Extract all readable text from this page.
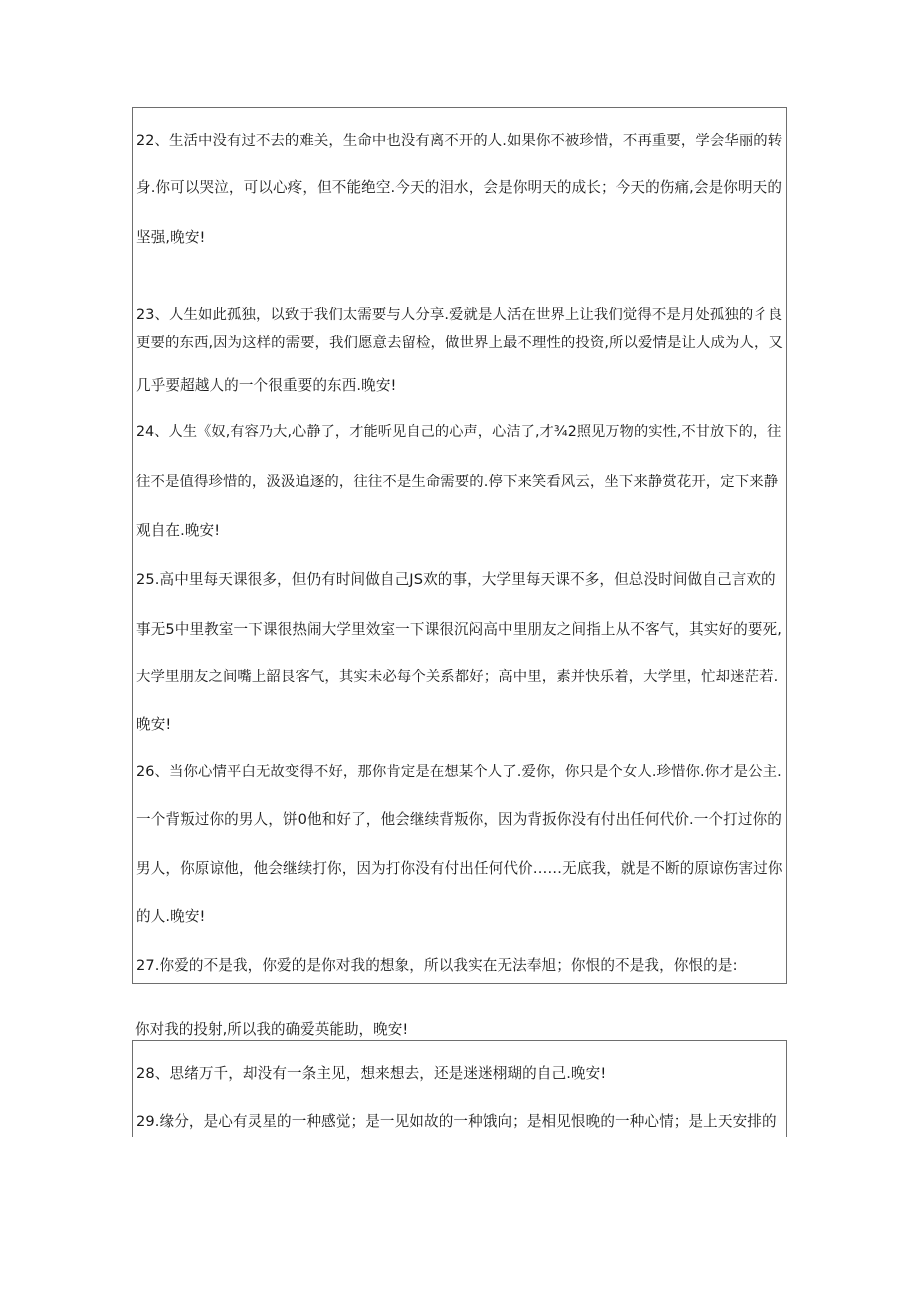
22、生活中没有过不去的难关，生命中也没有离不开的人.如果你不被珍惜，不再重要，学会华丽的转
身.你可以哭泣，可以心疼，但不能绝空.今天的泪水，会是你明天的成长；今天的伤痛,会是你明天的
坚强,晚安!
23、人生如此孤独，以致于我们太需要与人分享.爱就是人活在世界上让我们觉得不是月处孤独的彳良
更要的东西,因为这样的需要，我们愿意去留检，做世界上最不理性的投资,所以爱情是让人成为人，又
几乎要超越人的一个很重要的东西.晚安!
24、人生《奴,有容乃大,心静了，才能听见自己的心声，心洁了,才¾2照见万物的实性,不甘放下的，往
往不是值得珍惜的，汲汲追逐的，往往不是生命需要的.停下来笑看风云，坐下来静赏花开，定下来静
观自在.晚安!
25.高中里每天课很多，但仍有时间做自己JS欢的事，大学里每天课不多，但总没时间做自己言欢的
事无5中里教室一下课很热闹大学里效室一下课很沉闷高中里朋友之间指上从不客气，其实好的要死,
大学里朋友之间嘴上韶艮客气，其实未必每个关系都好；高中里，素并快乐着，大学里，忙却迷茫若.
晚安!
26、当你心情平白无故变得不好，那你肯定是在想某个人了.爱你，你只是个女人.珍惜你.你才是公主.
一个背叛过你的男人，饼0他和好了，他会继续背叛你，因为背扳你没有付出任何代价.一个打过你的
男人，你原谅他，他会继续打你，因为打你没有付出任何代价……无底我，就是不断的原谅伤害过你
的人.晚安!
27.你爱的不是我，你爱的是你对我的想象，所以我实在无法奉旭；你恨的不是我，你恨的是:
你对我的投射,所以我的确爱英能助，晚安!
28、思绪万千，却没有一条主见，想来想去，还是迷迷栩瑚的自己.晚安!
29.缘分，是心有灵星的一种感觉；是一见如故的一种饿向；是相见恨晚的一种心情；是上天安排的
